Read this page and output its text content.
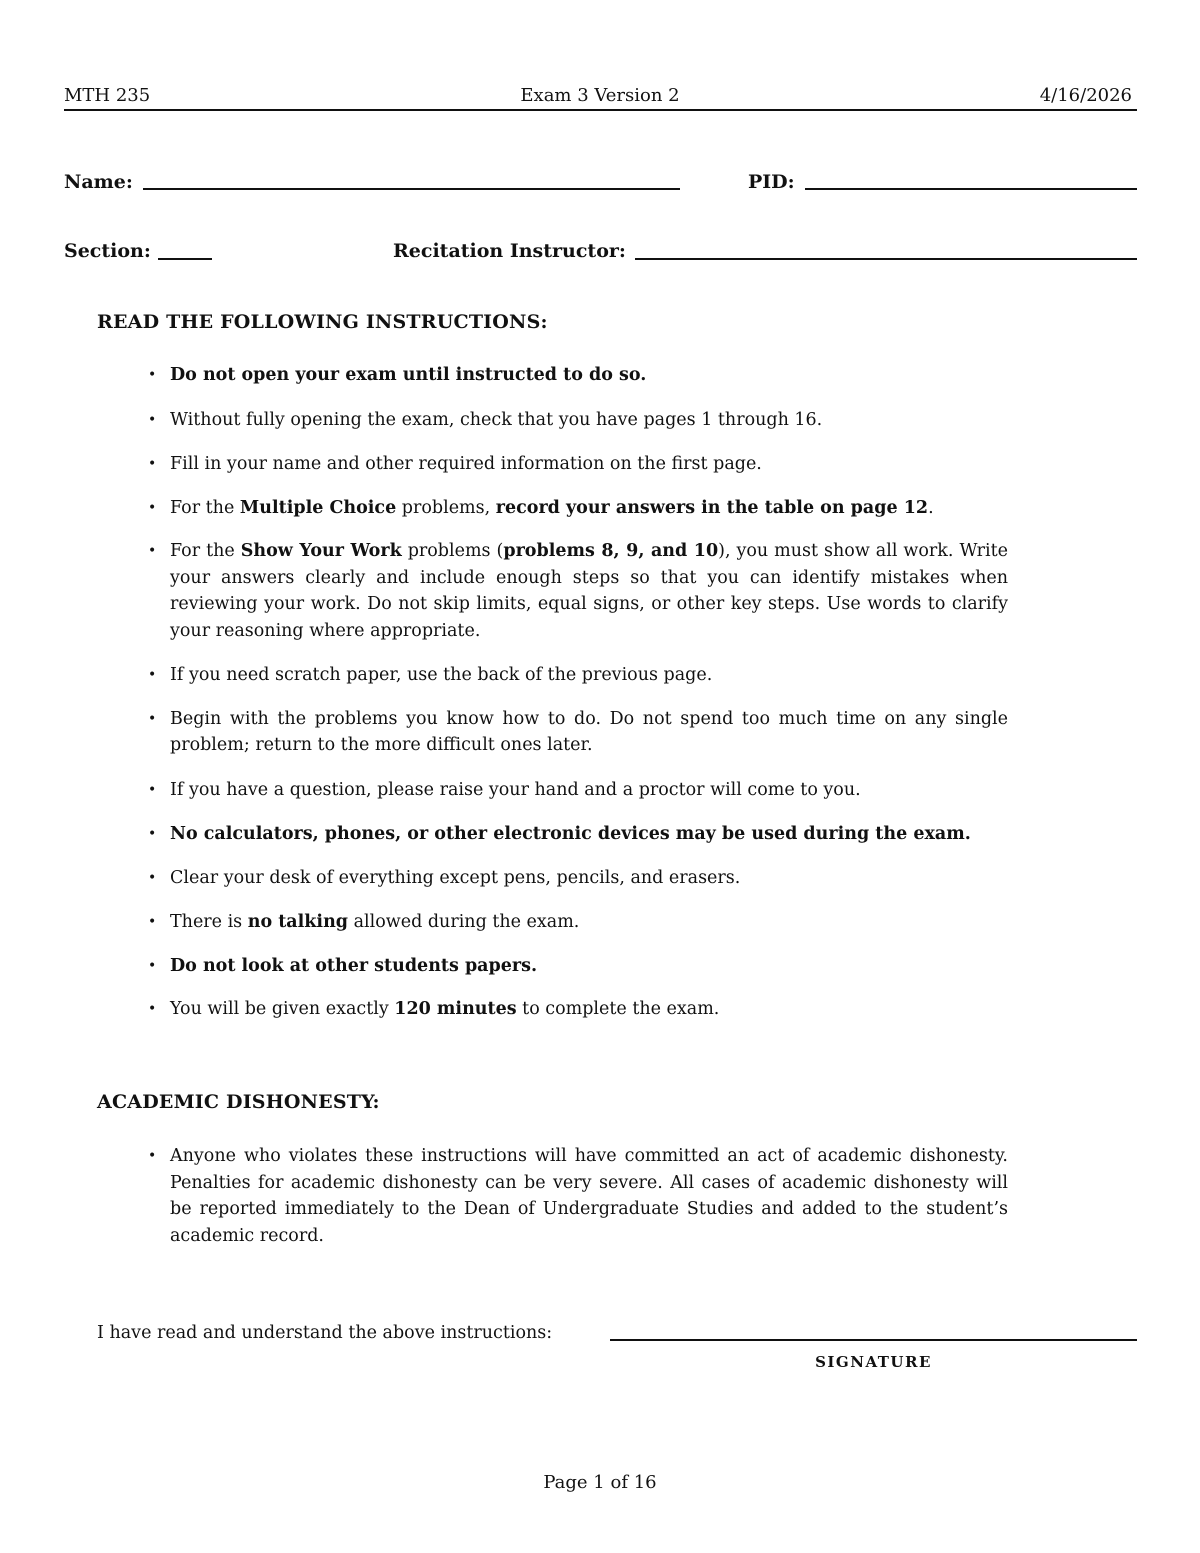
MTH 235	Exam 3 Version 2	4/16/2026
Name:	PID:
Section:	Recitation Instructor:
READ THE FOLLOWING INSTRUCTIONS:
• Do not open your exam until instructed to do so.
• Without fully opening the exam, check that you have pages 1 through 16.
• Fill in your name and other required information on the first page.
• For the Multiple Choice problems, record your answers in the table on page 12.
• For the Show Your Work problems (problems 8, 9, and 10), you must show all work. Write your answers clearly and include enough steps so that you can identify mistakes when reviewing your work. Do not skip limits, equal signs, or other key steps. Use words to clarify your reasoning where appropriate.
• If you need scratch paper, use the back of the previous page.
• Begin with the problems you know how to do. Do not spend too much time on any single problem; return to the more difficult ones later.
• If you have a question, please raise your hand and a proctor will come to you.
• No calculators, phones, or other electronic devices may be used during the exam.
• Clear your desk of everything except pens, pencils, and erasers.
• There is no talking allowed during the exam.
• Do not look at other students papers.
• You will be given exactly 120 minutes to complete the exam.
ACADEMIC DISHONESTY:
• Anyone who violates these instructions will have committed an act of academic dishonesty. Penalties for academic dishonesty can be very severe. All cases of academic dishonesty will be reported immediately to the Dean of Undergraduate Studies and added to the student’s academic record.
I have read and understand the above instructions:
SIGNATURE
Page 1 of 16
